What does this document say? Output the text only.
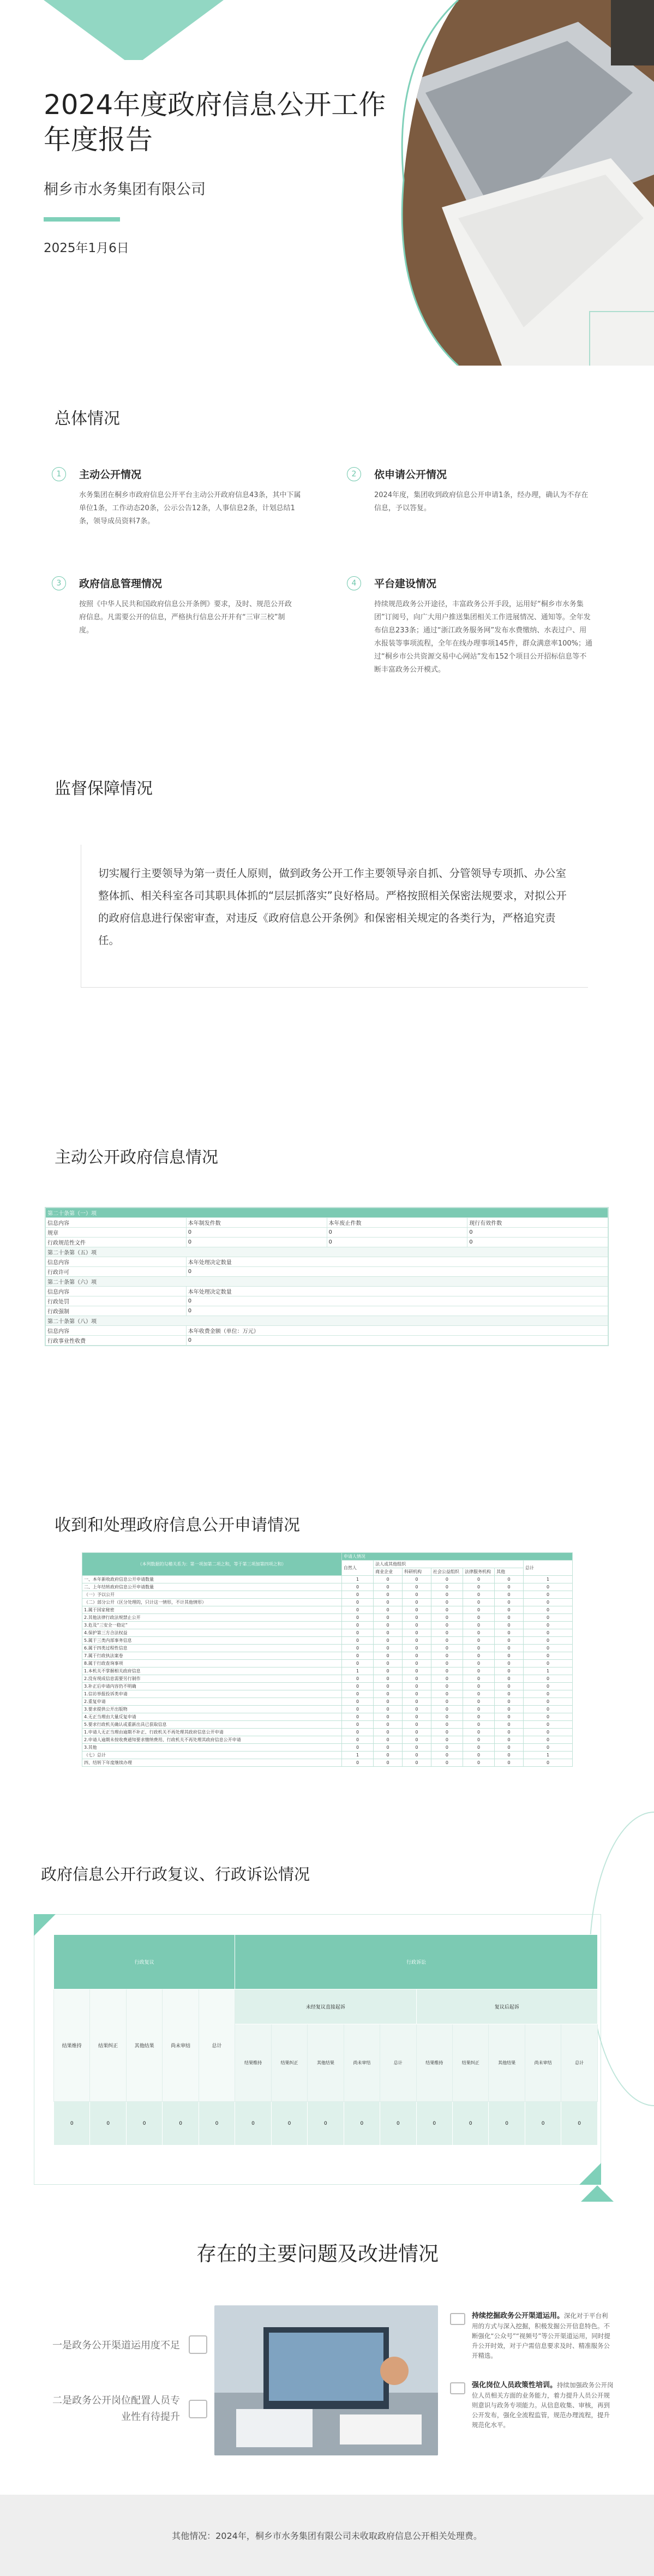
2024年度政府信息公开工作
年度报告
桐乡市水务集团有限公司
2025年1月6日
总体情况
1	主动公开情况
水务集团在桐乡市政府信息公开平台主动公开政府信息43条，其中下属单位1条，工作动态20条，公示公告12条，人事信息2条，计划总结1条，领导成员资料7条。
2	依申请公开情况
2024年度，集团收到政府信息公开申请1条，经办理，确认为不存在信息，予以答复。
3	政府信息管理情况
按照《中华人民共和国政府信息公开条例》要求，及时、规范公开政府信息。凡需要公开的信息，严格执行信息公开并有“三审三校”制度。
4	平台建设情况
持续规范政务公开途径，丰富政务公开手段，运用好“桐乡市水务集团”订阅号，向广大用户推送集团相关工作进展情况、通知等。全年发布信息233条；通过“浙江政务服务网”发布水费缴纳、水表过户、用水报装等事项流程，全年在线办理事项145件，群众满意率100%；通过“桐乡市公共资源交易中心网站”发布152个项目公开招标信息等不断丰富政务公开模式。
监督保障情况
切实履行主要领导为第一责任人原则，做到政务公开工作主要领导亲自抓、分管领导专项抓、办公室整体抓、相关科室各司其职具体抓的“层层抓落实”良好格局。严格按照相关保密法规要求，对拟公开的政府信息进行保密审查，对违反《政府信息公开条例》和保密相关规定的各类行为，严格追究责任。
主动公开政府信息情况
第二十条第（一）项			
信息内容	本年制发件数	本年废止件数	现行有效件数
规章	0	0	0
行政规范性文件	0	0	0
第二十条第（五）项			
信息内容	本年处理决定数量		
行政许可	0		
第二十条第（六）项			
信息内容	本年处理决定数量		
行政处罚	0		
行政强制	0		
第二十条第（八）项			
信息内容	本年收费金额（单位：万元）		
行政事业性收费	0		
收到和处理政府信息公开申请情况
（本列数据的勾稽关系为：第一项加第二项之和，等于第三项加第四项之和）	申请人情况						
	自然人	法人或其他组织					总计
		商业企业	科研机构	社会公益组织	法律服务机构	其他	

一、本年新收政府信息公开申请数量	1	0	0	0	0	0	1
二、上年结转政府信息公开申请数量	0	0	0	0	0	0	0
（一）予以公开	0	0	0	0	0	0	0
（二）部分公开（区分处理的，只计这一情形，不计其他情形）	0	0	0	0	0	0	0
1.属于国家秘密	0	0	0	0	0	0	0
2.其他法律行政法规禁止公开	0	0	0	0	0	0	0
3.危及“三安全一稳定”	0	0	0	0	0	0	0
4.保护第三方合法权益	0	0	0	0	0	0	0
5.属于三类内部事务信息	0	0	0	0	0	0	0
6.属于四类过程性信息	0	0	0	0	0	0	0
7.属于行政执法案卷	0	0	0	0	0	0	0
8.属于行政查询事项	0	0	0	0	0	0	0
1.本机关不掌握相关政府信息	1	0	0	0	0	0	1
2.没有现成信息需要另行制作	0	0	0	0	0	0	0
3.补正后申请内容仍不明确	0	0	0	0	0	0	0
1.信访举报投诉类申请	0	0	0	0	0	0	0
2.重复申请	0	0	0	0	0	0	0
3.要求提供公开出版物	0	0	0	0	0	0	0
4.无正当理由大量反复申请	0	0	0	0	0	0	0
5.要求行政机关确认或重新出具已获取信息	0	0	0	0	0	0	0
1.申请人无正当理由逾期不补正、行政机关不再处理其政府信息公开申请	0	0	0	0	0	0	0
2.申请人逾期未按收费通知要求缴纳费用、行政机关不再处理其政府信息公开申请	0	0	0	0	0	0	0
3.其他	0	0	0	0	0	0	0
（七）总计	1	0	0	0	0	0	1
四、结转下年度继续办理	0	0	0	0	0	0	0
政府信息公开行政复议、行政诉讼情况
行政复议					行政诉讼									
结果维持	结果纠正	其他结果	尚未审结	总计	未经复议直接起诉					复议后起诉				
					结果维持	结果纠正	其他结果	尚未审结	总计	结果维持	结果纠正	其他结果	尚未审结	总计
0	0	0	0	0	0	0	0	0	0	0	0	0	0	0
存在的主要问题及改进情况
一是政务公开渠道运用度不足
二是政务公开岗位配置人员专业性有待提升
持续挖掘政务公开渠道运用。深化对于平台利用的方式与深入挖掘，积极发掘公开信息特色。不断强化“公众号”“视频号”等公开渠道运用，同时提升公开时效，对于户需信息要求及时、精准服务公开精选。
强化岗位人员政策性培训。持续加强政务公开岗位人员相关方面的业务能力，着力提升人员公开规则意识与政务专项能力。从信息收集、审核，再到公开发布，强化全流程监管，规范办理流程，提升规范化水平。
其他情况：2024年，桐乡市水务集团有限公司未收取政府信息公开相关处理费。
